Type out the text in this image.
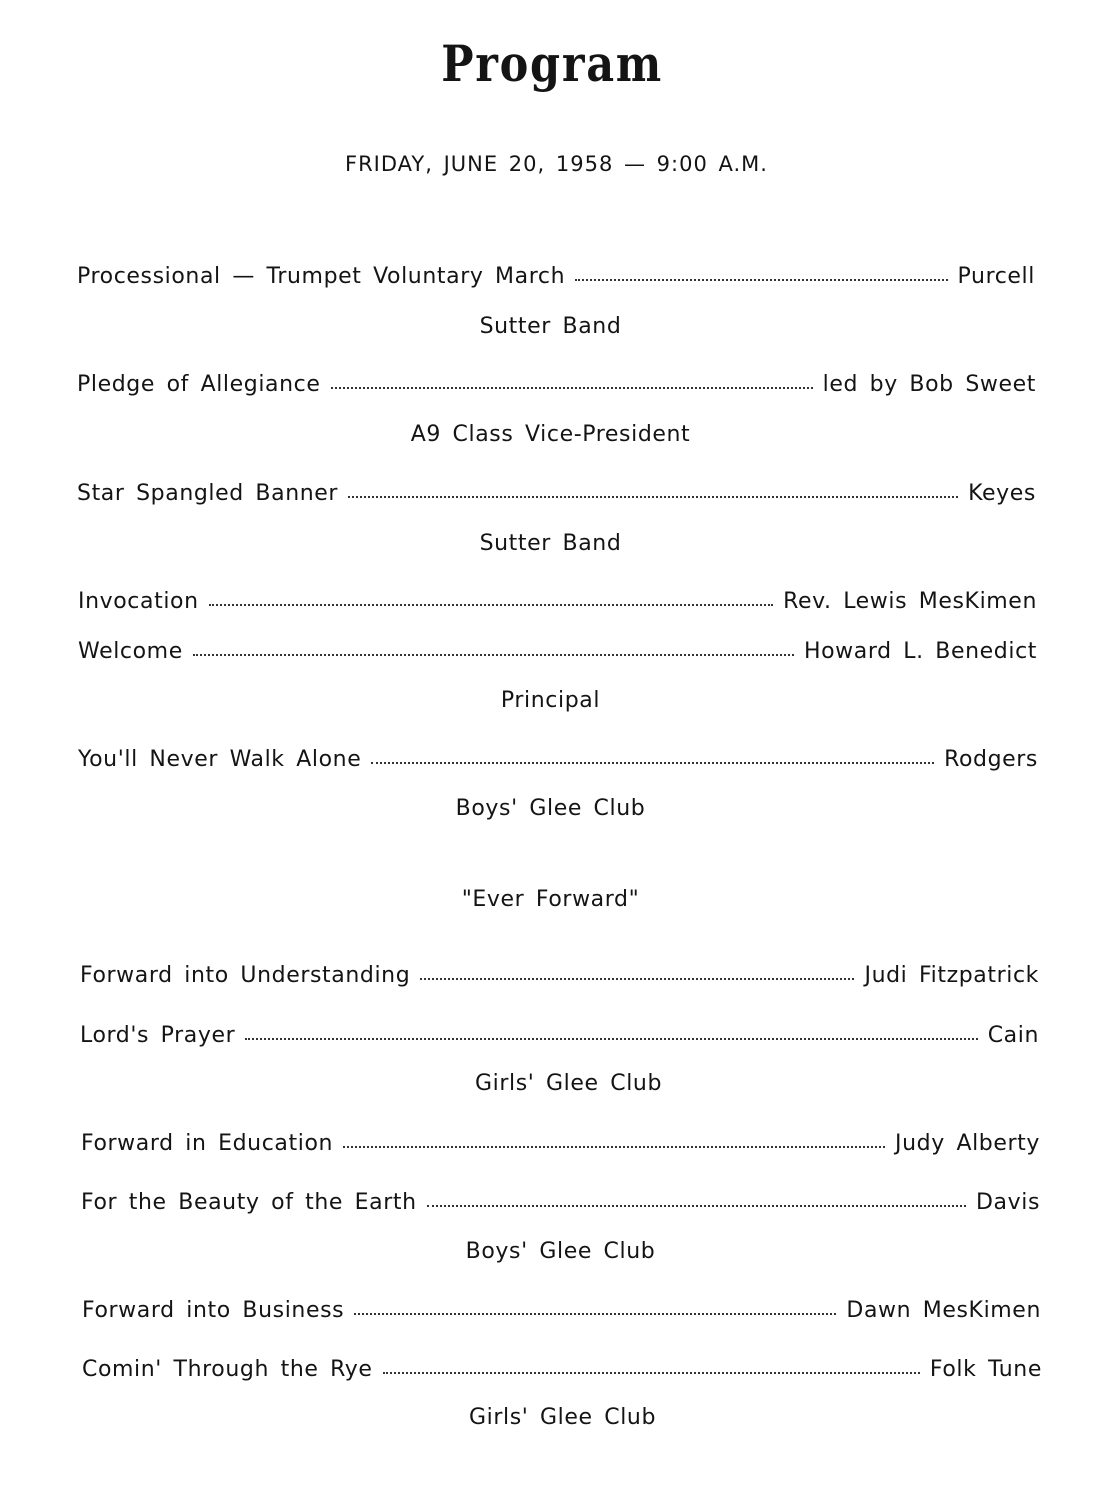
Program
FRIDAY, JUNE 20, 1958 — 9:00 A.M.
Processional — Trumpet Voluntary March	Purcell
Sutter Band
Pledge of Allegiance	led by Bob Sweet
A9 Class Vice-President
Star Spangled Banner	Keyes
Sutter Band
Invocation	Rev. Lewis MesKimen
Welcome	Howard L. Benedict
Principal
You'll Never Walk Alone	Rodgers
Boys' Glee Club
"Ever Forward"
Forward into Understanding	Judi Fitzpatrick
Lord's Prayer	Cain
Girls' Glee Club
Forward in Education	Judy Alberty
For the Beauty of the Earth	Davis
Boys' Glee Club
Forward into Business	Dawn MesKimen
Comin' Through the Rye	Folk Tune
Girls' Glee Club
